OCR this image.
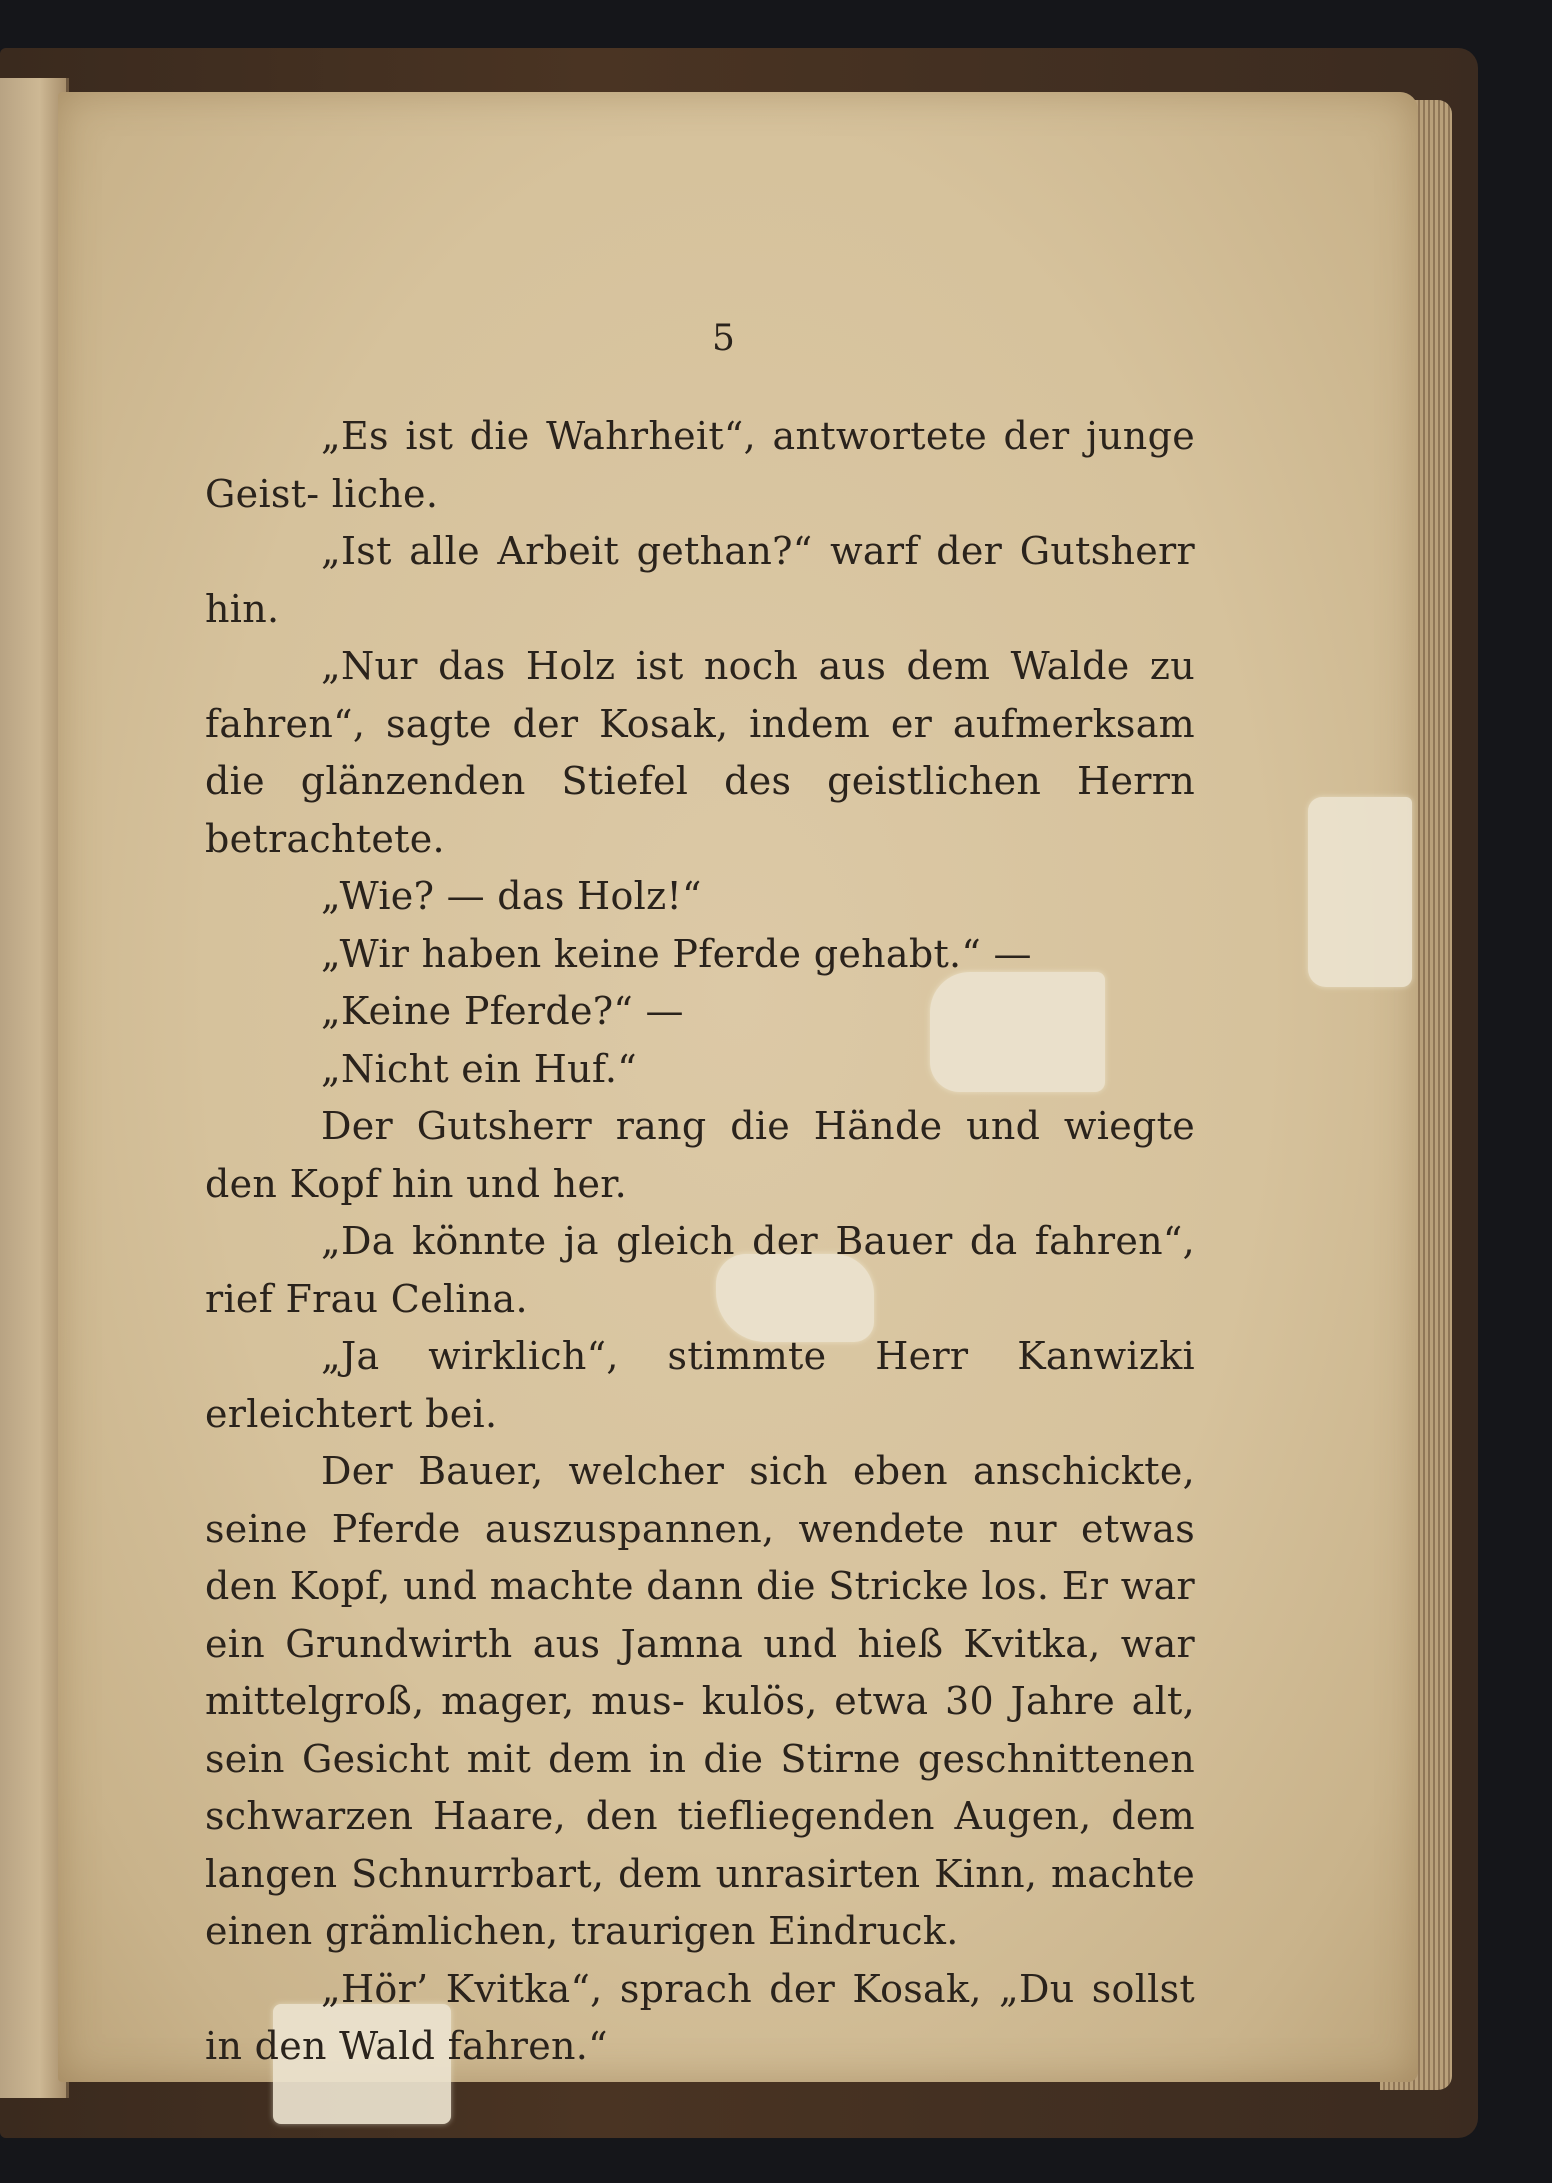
5

„Es ist die Wahrheit“, antwortete der junge Geist- liche.

„Ist alle Arbeit gethan?“ warf der Gutsherr hin.

„Nur das Holz ist noch aus dem Walde zu fahren“, sagte der Kosak, indem er aufmerksam die glänzenden Stiefel des geistlichen Herrn betrachtete.

„Wie? — das Holz!“

„Wir haben keine Pferde gehabt.“ —

„Keine Pferde?“ —

„Nicht ein Huf.“

Der Gutsherr rang die Hände und wiegte den Kopf hin und her.

„Da könnte ja gleich der Bauer da fahren“, rief Frau Celina.

„Ja wirklich“, stimmte Herr Kanwizki erleichtert bei.

Der Bauer, welcher sich eben anschickte, seine Pferde auszuspannen, wendete nur etwas den Kopf, und machte dann die Stricke los. Er war ein Grundwirth aus Jamna und hieß Kvitka, war mittelgroß, mager, mus- kulös, etwa 30 Jahre alt, sein Gesicht mit dem in die Stirne geschnittenen schwarzen Haare, den tiefliegenden Augen, dem langen Schnurrbart, dem unrasirten Kinn, machte einen grämlichen, traurigen Eindruck.

„Hör’ Kvitka“, sprach der Kosak, „Du sollst in den Wald fahren.“
